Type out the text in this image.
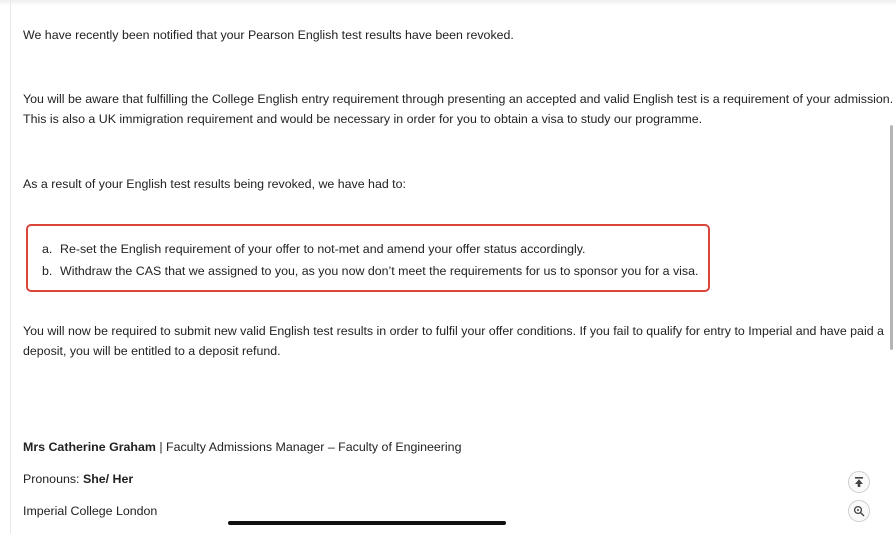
We have recently been notified that your Pearson English test results have been revoked.

You will be aware that fulfilling the College English entry requirement through presenting an accepted and valid English test is a requirement of your admission.
This is also a UK immigration requirement and would be necessary in order for you to obtain a visa to study our programme.

As a result of your English test results being revoked, we have had to:

a. Re-set the English requirement of your offer to not-met and amend your offer status accordingly.
b. Withdraw the CAS that we assigned to you, as you now don’t meet the requirements for us to sponsor you for a visa.
You will now be required to submit new valid English test results in order to fulfil your offer conditions. If you fail to qualify for entry to Imperial and have paid a
deposit, you will be entitled to a deposit refund.
Mrs Catherine Graham | Faculty Admissions Manager – Faculty of Engineering
Pronouns: She/ Her
Imperial College London
